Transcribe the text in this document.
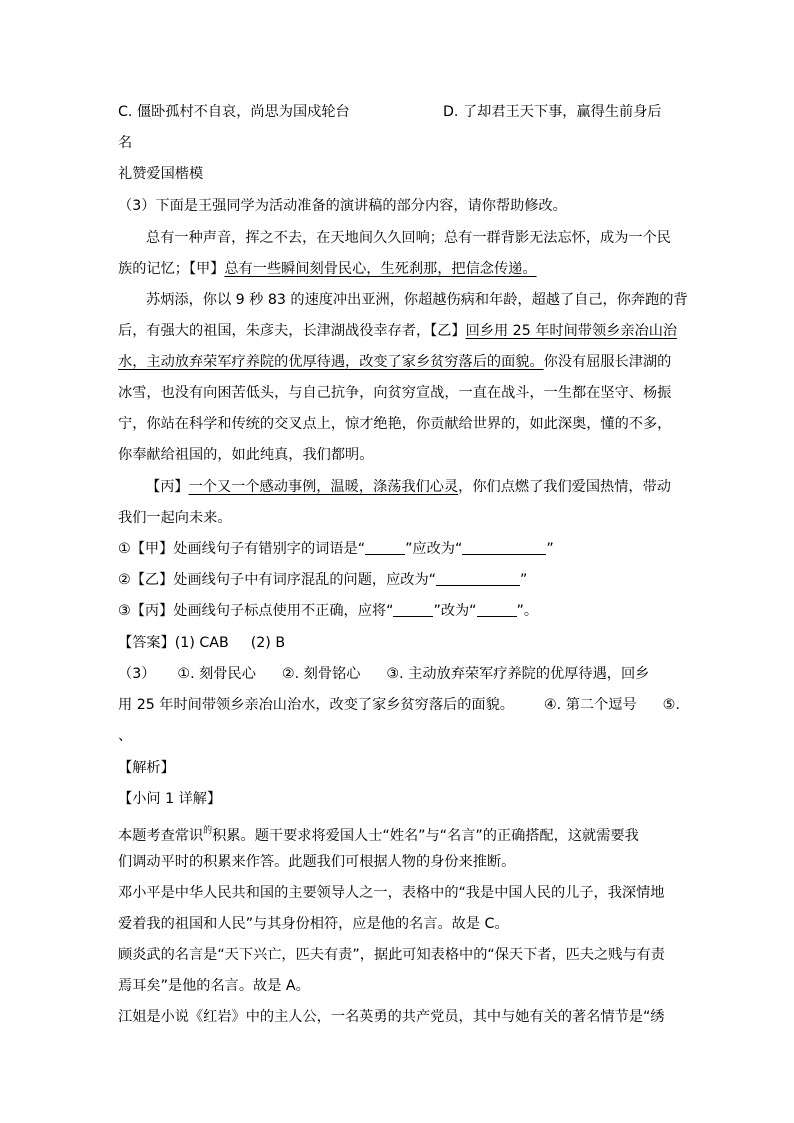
C. 僵卧孤村不自哀，尚思为国戍轮台	D. 了却君王天下事，赢得生前身后
名
礼赞爱国楷模
（3）下面是王强同学为活动准备的演讲稿的部分内容，请你帮助修改。
总有一种声音，挥之不去，在天地间久久回响；总有一群背影无法忘怀，成为一个民
族的记忆；【甲】总有一些瞬间刻骨民心，生死刹那，把信念传递。
苏炳添，你以 9 秒 83 的速度冲出亚洲，你超越伤病和年龄，超越了自己，你奔跑的背
后，有强大的祖国，朱彦夫，长津湖战役幸存者，【乙】回乡用 25 年时间带领乡亲冶山治
水，主动放弃荣军疗养院的优厚待遇，改变了家乡贫穷落后的面貌。你没有屈服长津湖的
冰雪，也没有向困苦低头，与自己抗争，向贫穷宣战，一直在战斗，一生都在坚守、杨振
宁，你站在科学和传统的交叉点上，惊才绝艳，你贡献给世界的，如此深奥，懂的不多，
你奉献给祖国的，如此纯真，我们都明。
【丙】一个又一个感动事例，温暖，涤荡我们心灵，你们点燃了我们爱国热情，带动
我们一起向未来。
①【甲】处画线句子有错别字的词语是“	”应改为“	”
②【乙】处画线句子中有词序混乱的问题，应改为“	”
③【丙】处画线句子标点使用不正确，应将“	”改为“	”。
【答案】(1) CAB (2) B
（3） ①. 刻骨民心 ②. 刻骨铭心 ③. 主动放弃荣军疗养院的优厚待遇，回乡
用 25 年时间带领乡亲冶山治水，改变了家乡贫穷落后的面貌。 ④. 第二个逗号 ⑤.
、
【解析】
【小问 1 详解】
本题考查常识$^的$积累。题干要求将爱国人士“姓名”与“名言”的正确搭配，这就需要我
们调动平时的积累来作答。此题我们可根据人物的身份来推断。
邓小平是中华人民共和国的主要领导人之一，表格中的“我是中国人民的儿子，我深情地
爱着我的祖国和人民”与其身份相符，应是他的名言。故是 C。
顾炎武的名言是“天下兴亡，匹夫有责”，据此可知表格中的“保天下者，匹夫之贱与有责
焉耳矣”是他的名言。故是 A。
江姐是小说《红岩》中的主人公，一名英勇的共产党员，其中与她有关的著名情节是“绣
